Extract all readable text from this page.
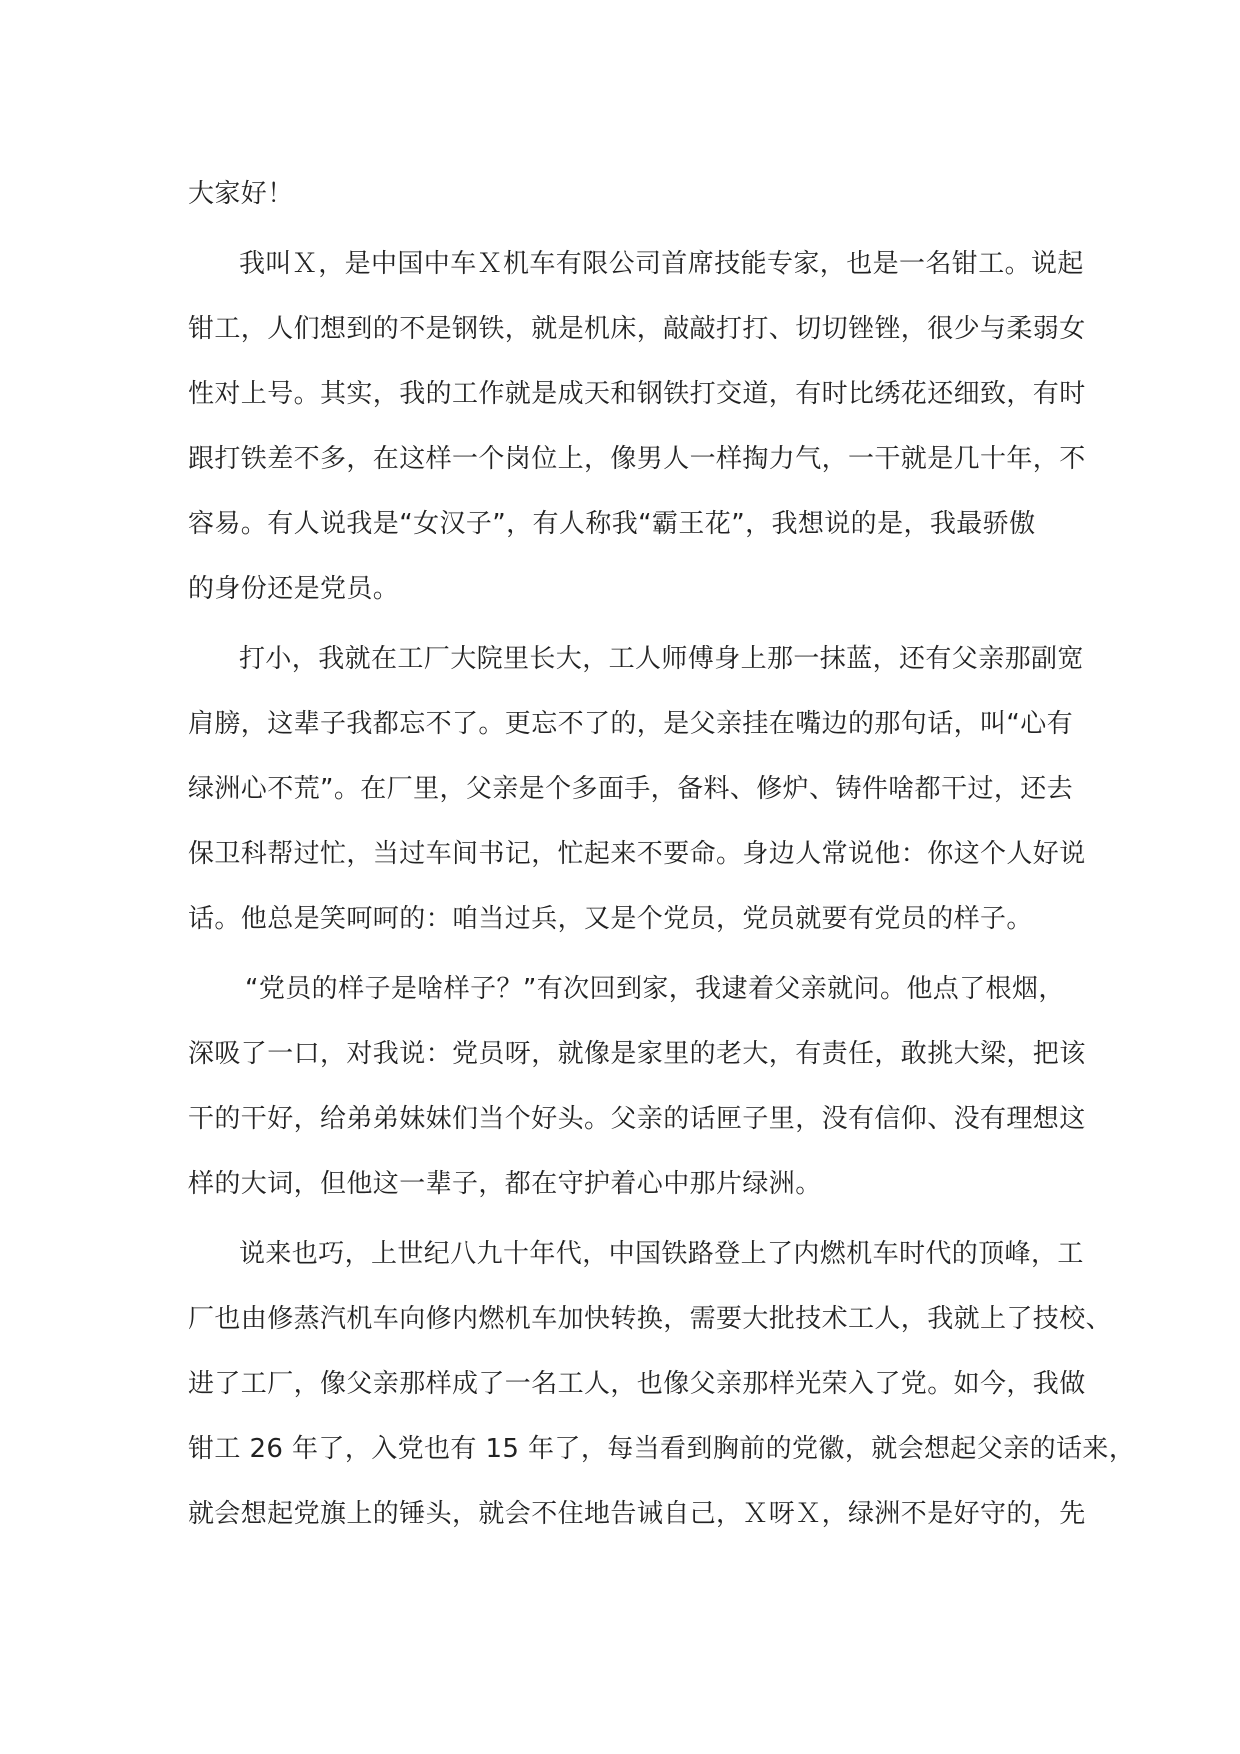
大家好！

我叫Ｘ，是中国中车Ｘ机车有限公司首席技能专家，也是一名钳工。说起

钳工，人们想到的不是钢铁，就是机床，敲敲打打、切切锉锉，很少与柔弱女

性对上号。其实，我的工作就是成天和钢铁打交道，有时比绣花还细致，有时

跟打铁差不多，在这样一个岗位上，像男人一样掏力气，一干就是几十年，不

容易。有人说我是“女汉子”，有人称我“霸王花”，我想说的是，我最骄傲

的身份还是党员。

打小，我就在工厂大院里长大，工人师傅身上那一抹蓝，还有父亲那副宽

肩膀，这辈子我都忘不了。更忘不了的，是父亲挂在嘴边的那句话，叫“心有

绿洲心不荒”。在厂里，父亲是个多面手，备料、修炉、铸件啥都干过，还去

保卫科帮过忙，当过车间书记，忙起来不要命。身边人常说他：你这个人好说

话。他总是笑呵呵的：咱当过兵，又是个党员，党员就要有党员的样子。

“党员的样子是啥样子？”有次回到家，我逮着父亲就问。他点了根烟，

深吸了一口，对我说：党员呀，就像是家里的老大，有责任，敢挑大梁，把该

干的干好，给弟弟妹妹们当个好头。父亲的话匣子里，没有信仰、没有理想这

样的大词，但他这一辈子，都在守护着心中那片绿洲。

说来也巧，上世纪八九十年代，中国铁路登上了内燃机车时代的顶峰，工

厂也由修蒸汽机车向修内燃机车加快转换，需要大批技术工人，我就上了技校、

进了工厂，像父亲那样成了一名工人，也像父亲那样光荣入了党。如今，我做

钳工 26 年了，入党也有 15 年了，每当看到胸前的党徽，就会想起父亲的话来，

就会想起党旗上的锤头，就会不住地告诫自己，Ｘ呀Ｘ，绿洲不是好守的，先
